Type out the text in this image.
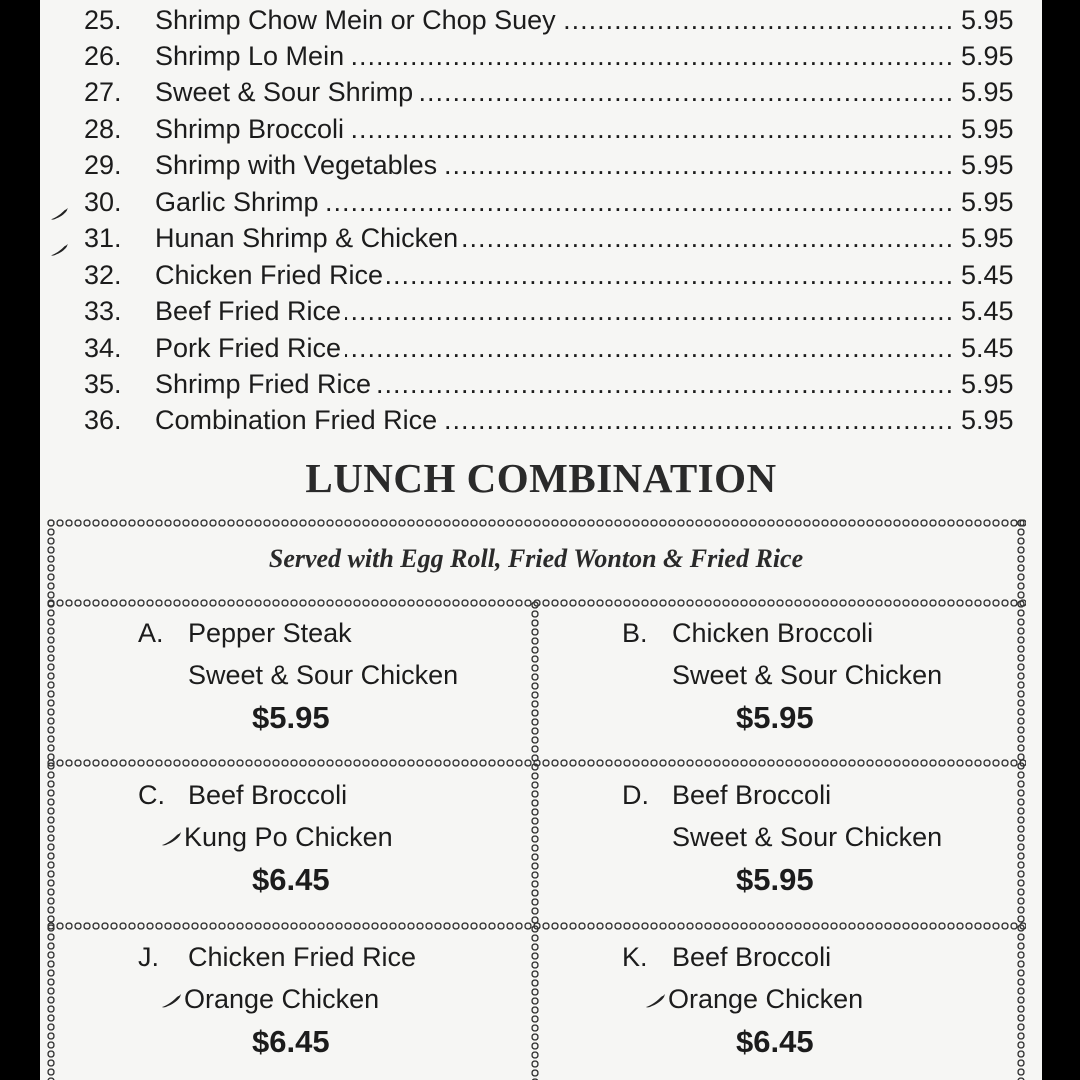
25.	Shrimp Chow Mein or Chop Suey .....	5.95
26.	Shrimp Lo Mein .....	5.95
27.	Sweet & Sour Shrimp .....	5.95
28.	Shrimp Broccoli .....	5.95
29.	Shrimp with Vegetables .....	5.95
30.	Garlic Shrimp .....	5.95
31.	Hunan Shrimp & Chicken .....	5.95
32.	Chicken Fried Rice .....	5.45
33.	Beef Fried Rice .....	5.45
34.	Pork Fried Rice .....	5.45
35.	Shrimp Fried Rice .....	5.95
36.	Combination Fried Rice .....	5.95
LUNCH COMBINATION
Served with Egg Roll, Fried Wonton & Fried Rice
A. Pepper Steak
Sweet & Sour Chicken
$5.95
B. Chicken Broccoli
Sweet & Sour Chicken
$5.95
C. Beef Broccoli
Kung Po Chicken
$6.45
D. Beef Broccoli
Sweet & Sour Chicken
$5.95
J. Chicken Fried Rice
Orange Chicken
$6.45
K. Beef Broccoli
Orange Chicken
$6.45
